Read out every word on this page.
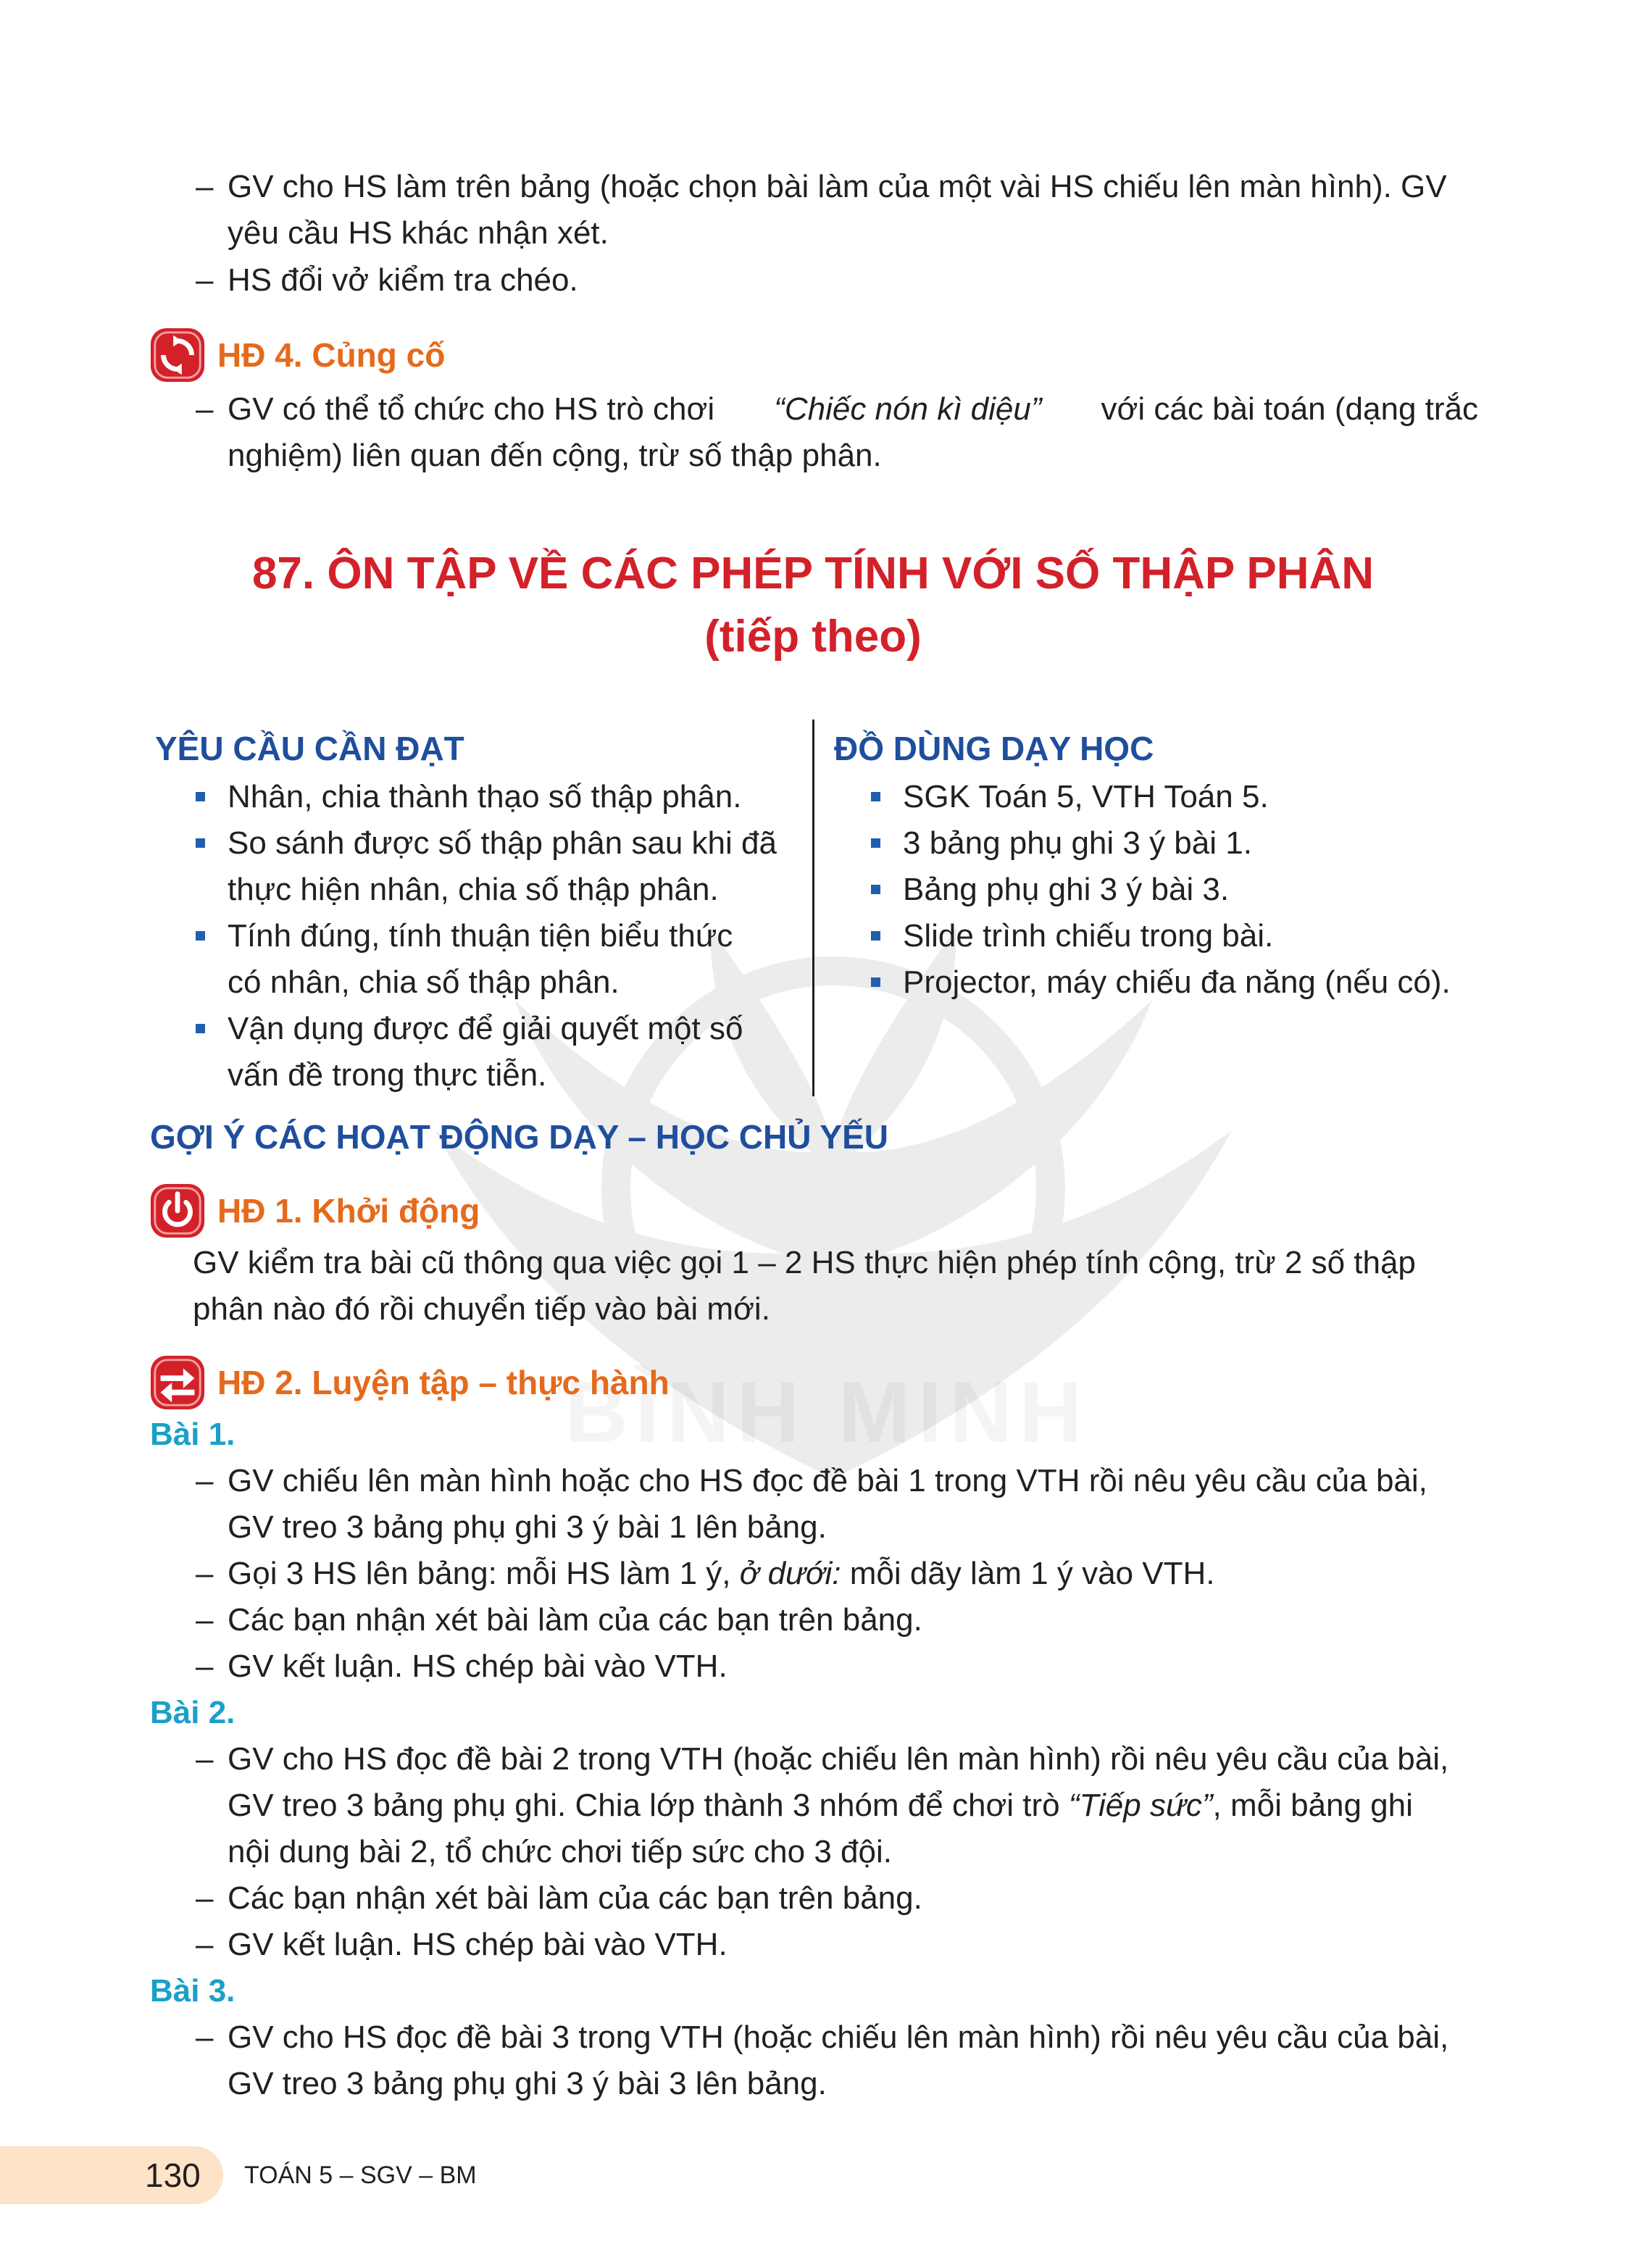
– GV cho HS làm trên bảng (hoặc chọn bài làm của một vài HS chiếu lên màn hình). GV
yêu cầu HS khác nhận xét.
– HS đổi vở kiểm tra chéo.
HĐ 4. Củng cố
– GV có thể tổ chức cho HS trò chơi “Chiếc nón kì diệu” với các bài toán (dạng trắc
nghiệm) liên quan đến cộng, trừ số thập phân.
87. ÔN TẬP VỀ CÁC PHÉP TÍNH VỚI SỐ THẬP PHÂN
(tiếp theo)
YÊU CẦU CẦN ĐẠT
Nhân, chia thành thạo số thập phân.
So sánh được số thập phân sau khi đã
thực hiện nhân, chia số thập phân.
Tính đúng, tính thuận tiện biểu thức
có nhân, chia số thập phân.
Vận dụng được để giải quyết một số
vấn đề trong thực tiễn.
ĐỒ DÙNG DẠY HỌC
SGK Toán 5, VTH Toán 5.
3 bảng phụ ghi 3 ý bài 1.
Bảng phụ ghi 3 ý bài 3.
Slide trình chiếu trong bài.
Projector, máy chiếu đa năng (nếu có).
GỢI Ý CÁC HOẠT ĐỘNG DẠY – HỌC CHỦ YẾU
HĐ 1. Khởi động
GV kiểm tra bài cũ thông qua việc gọi 1 – 2 HS thực hiện phép tính cộng, trừ 2 số thập
phân nào đó rồi chuyển tiếp vào bài mới.
HĐ 2. Luyện tập – thực hành
Bài 1.
– GV chiếu lên màn hình hoặc cho HS đọc đề bài 1 trong VTH rồi nêu yêu cầu của bài,
GV treo 3 bảng phụ ghi 3 ý bài 1 lên bảng.
– Gọi 3 HS lên bảng: mỗi HS làm 1 ý, ở dưới: mỗi dãy làm 1 ý vào VTH.
– Các bạn nhận xét bài làm của các bạn trên bảng.
– GV kết luận. HS chép bài vào VTH.
Bài 2.
– GV cho HS đọc đề bài 2 trong VTH (hoặc chiếu lên màn hình) rồi nêu yêu cầu của bài,
GV treo 3 bảng phụ ghi. Chia lớp thành 3 nhóm để chơi trò “Tiếp sức”, mỗi bảng ghi
nội dung bài 2, tổ chức chơi tiếp sức cho 3 đội.
– Các bạn nhận xét bài làm của các bạn trên bảng.
– GV kết luận. HS chép bài vào VTH.
Bài 3.
– GV cho HS đọc đề bài 3 trong VTH (hoặc chiếu lên màn hình) rồi nêu yêu cầu của bài,
GV treo 3 bảng phụ ghi 3 ý bài 3 lên bảng.
130 TOÁN 5 – SGV – BM
